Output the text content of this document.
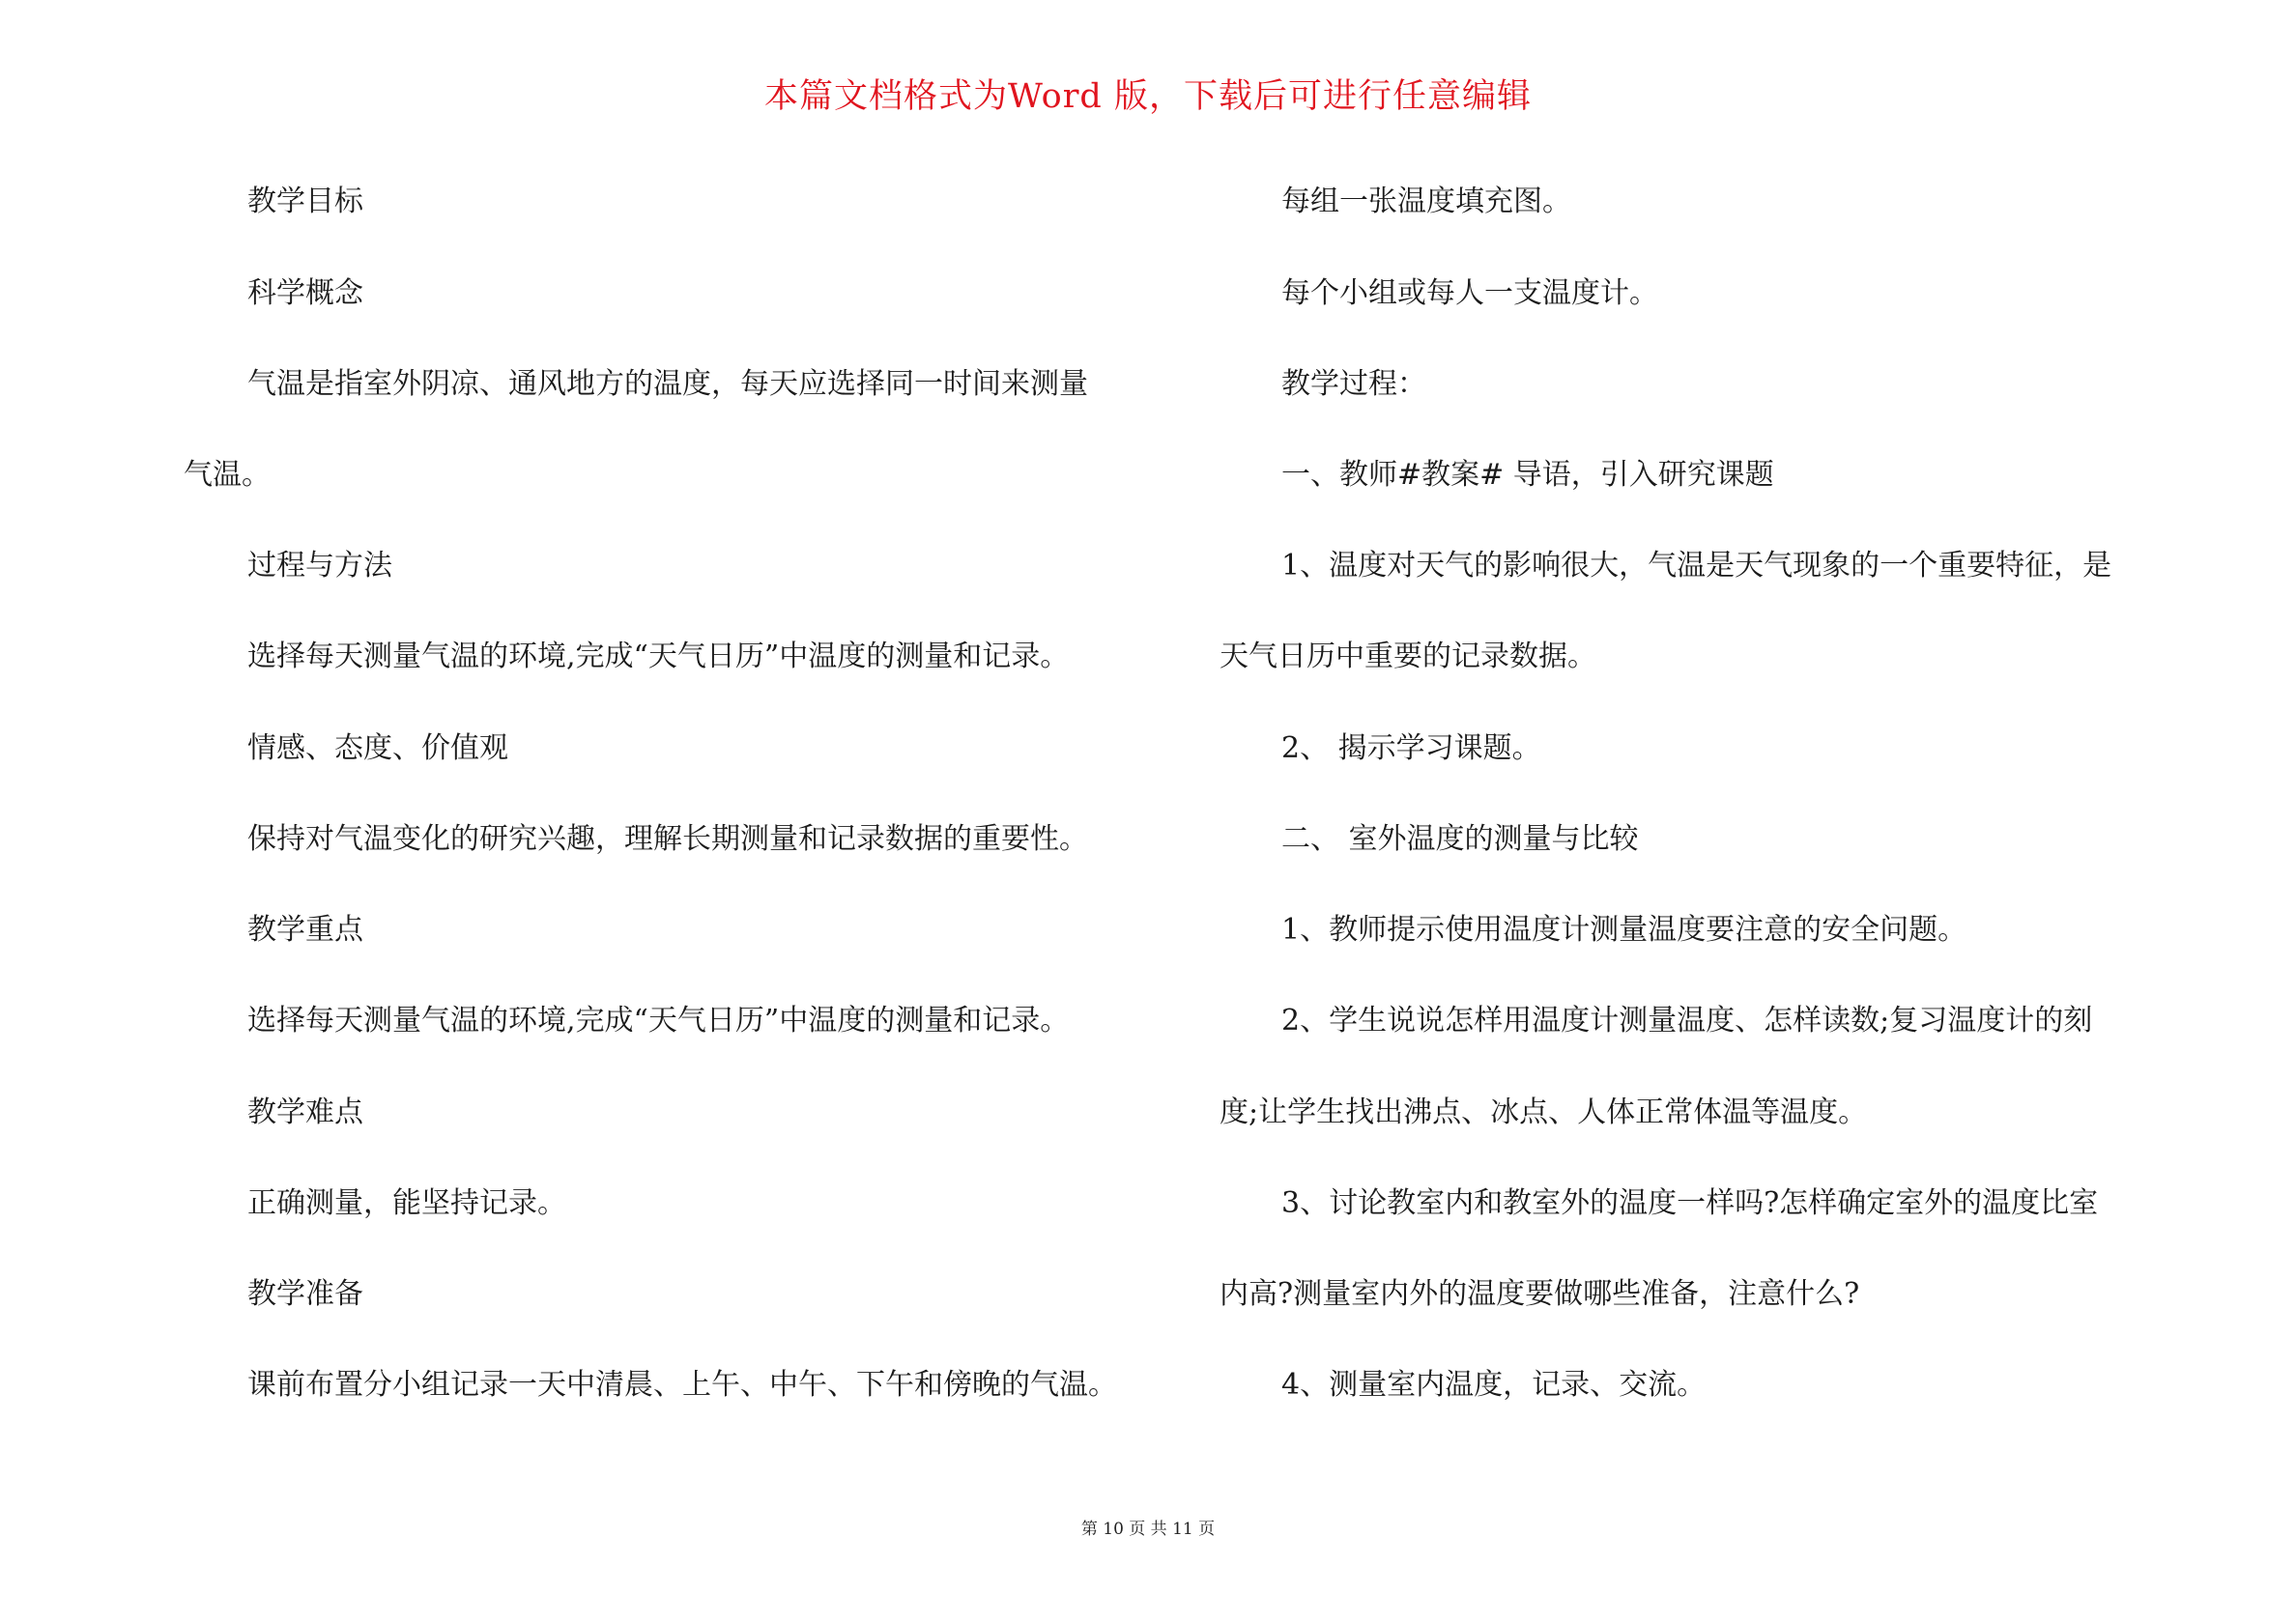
本篇文档格式为Word 版，下载后可进行任意编辑
教学目标
科学概念
气温是指室外阴凉、通风地方的温度，每天应选择同一时间来测量
气温。
过程与方法
选择每天测量气温的环境,完成“天气日历”中温度的测量和记录。
情感、态度、价值观
保持对气温变化的研究兴趣，理解长期测量和记录数据的重要性。
教学重点
选择每天测量气温的环境,完成“天气日历”中温度的测量和记录。
教学难点
正确测量，能坚持记录。
教学准备
课前布置分小组记录一天中清晨、上午、中午、下午和傍晚的气温。
每组一张温度填充图。
每个小组或每人一支温度计。
教学过程：
一、教师#教案# 导语，引入研究课题
1、温度对天气的影响很大，气温是天气现象的一个重要特征，是
天气日历中重要的记录数据。
2、 揭示学习课题。
二、 室外温度的测量与比较
1、教师提示使用温度计测量温度要注意的安全问题。
2、学生说说怎样用温度计测量温度、怎样读数;复习温度计的刻
度;让学生找出沸点、冰点、人体正常体温等温度。
3、讨论教室内和教室外的温度一样吗?怎样确定室外的温度比室
内高?测量室内外的温度要做哪些准备，注意什么?
4、测量室内温度，记录、交流。
第 10 页 共 11 页
